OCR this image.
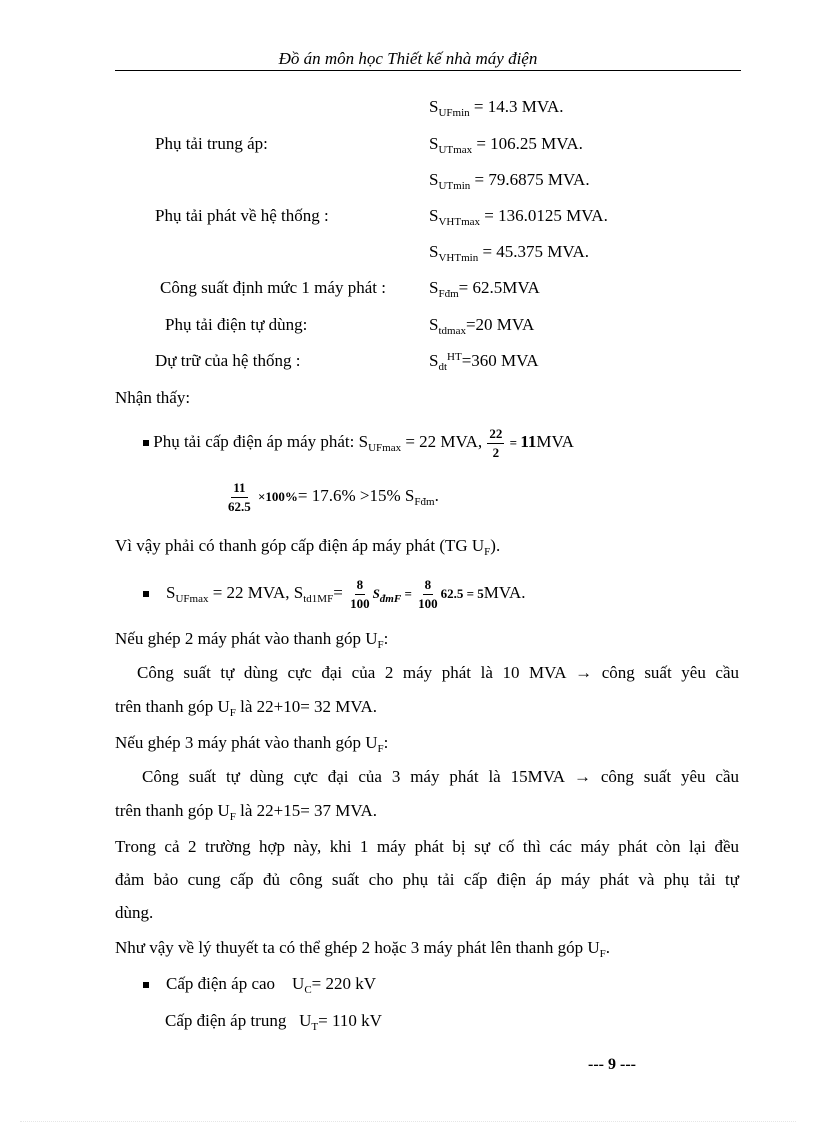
Đồ án môn học Thiết kế nhà máy điện
$S_{UFmin} = 14.3$ MVA.
Phụ tải trung áp:	$S_{UTmax} = 106.25$ MVA.
$S_{UTmin} = 79.6875$ MVA.
Phụ tải phát về hệ thống :	$S_{VHTmax} = 136.0125$ MVA.
$S_{VHTmin} = 45.375$ MVA.
Công suất định mức 1 máy phát :	$S_{Fđm}= 62.5MVA$
Phụ tải điện tự dùng:	$S_{tdmax}=20$ MVA
Dự trữ của hệ thống :	$S_{dt}^{HT}=360$ MVA
Nhận thấy:
Phụ tải cấp điện áp máy phát: $S_{UFmax} = 22$ MVA, $\frac{22}{2} = 11MVA$
$\frac{11}{62.5} \times 100\%= 17.6\% >15\%$ $S_{Fđm}$.
Vì vậy phải có thanh góp cấp điện áp máy phát (TG $U_F$).
$S_{UFmax} = 22$ MVA, $S_{td1MF}= \frac{8}{100} S_{đmF} = \frac{8}{100} 62.5 = 5MVA$.
Nếu ghép 2 máy phát vào thanh góp $U_F$:
Công suất tự dùng cực đại của 2 máy phát là 10 MVA → công suất yêu cầu
trên thanh góp $U_F$ là 22+10= 32 MVA.
Nếu ghép 3 máy phát vào thanh góp $U_F$:
Công suất tự dùng cực đại của 3 máy phát là 15MVA → công suất yêu cầu
trên thanh góp $U_F$ là 22+15= 37 MVA.
Trong cả 2 trường hợp này, khi 1 máy phát bị sự cố thì các máy phát còn lại đều
đảm bảo cung cấp đủ công suất cho phụ tải cấp điện áp máy phát và phụ tải tự
dùng.
Như vậy về lý thuyết ta có thể ghép 2 hoặc 3 máy phát lên thanh góp $U_F$.
Cấp điện áp cao $U_C= 220$ kV
Cấp điện áp trung $U_T= 110$ kV
--- 9 ---
